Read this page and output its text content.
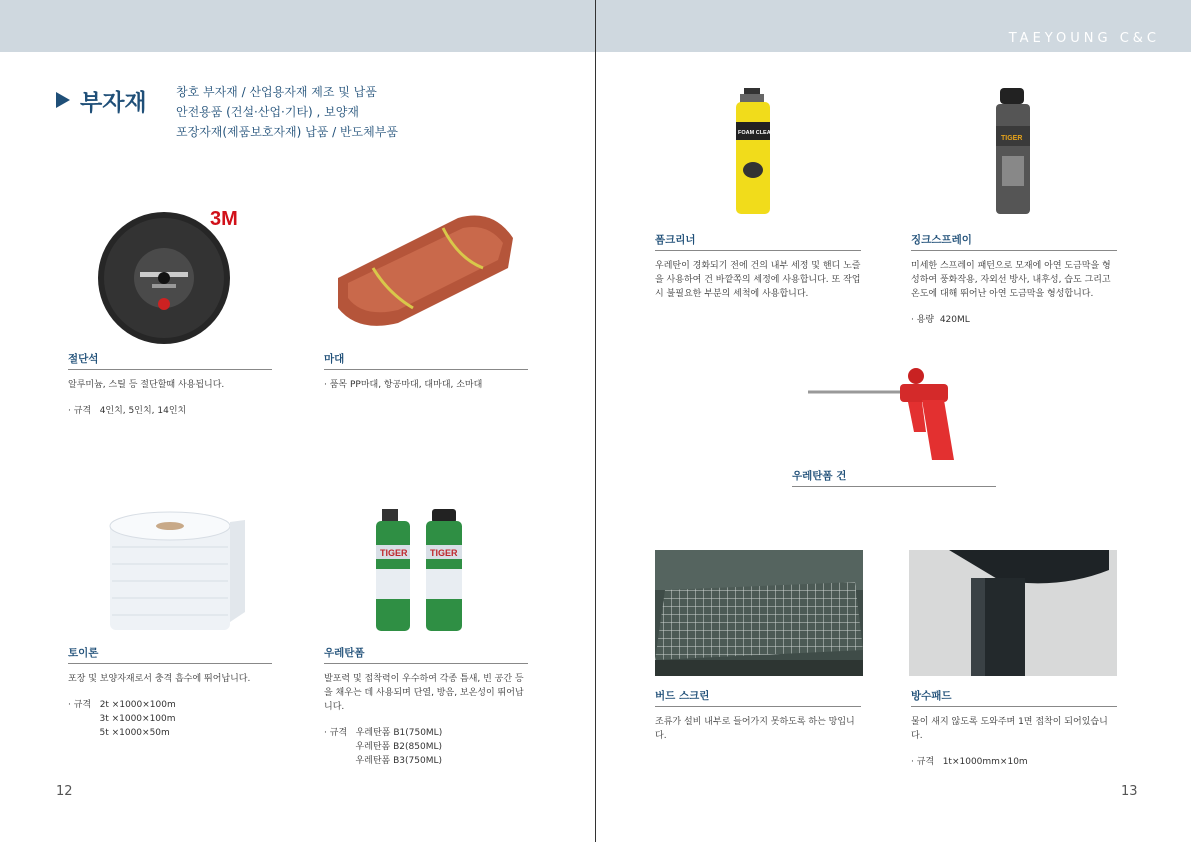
TAEYOUNG C&C
부자재 창호 부자재 / 산업용자재 제조 및 납품
안전용품 (건설·산업·기타) , 보양재
포장자재(제품보호자재) 납품 / 반도체부품
3M
절단석
알루미늄, 스틸 등 절단할때 사용됩니다.
· 규격   4인치, 5인치, 14인치
마대
· 품목 PP마대, 항공마대, 대마대, 소마대
토이론
포장 및 보양자재로서 충격 흡수에 뛰어납니다.
· 규격   2t ×1000×100m
3t ×1000×100m
5t ×1000×50m
TIGER TIGER
우레탄폼
발포력 및 접착력이 우수하여 각종 틈새, 빈 공간 등을 채우는 데 사용되며 단열, 방음, 보온성이 뛰어납니다.
· 규격   우레탄폼 B1(750ML)
우레탄폼 B2(850ML)
우레탄폼 B3(750ML)
12
FOAM CLEANER
폼크리너
우레탄이 경화되기 전에 건의 내부 세정 및 핸디 노즐을 사용하여 건 바깥쪽의 세정에 사용합니다. 또 작업시 불필요한 부분의 세척에 사용합니다.
TIGER
징크스프레이
미세한 스프레이 패턴으로 모재에 아연 도금막을 형성하여 풍화작용, 자외선 방사, 내후성, 습도 그리고 온도에 대해 뛰어난 아연 도금막을 형성합니다.
· 용량  420ML
우레탄폼 건
버드 스크린
조류가 설비 내부로 들어가지 못하도록 하는 망입니다.
방수패드
물이 새지 않도록 도와주며 1면 접착이 되어있습니다.
· 규격   1t×1000mm×10m
13
